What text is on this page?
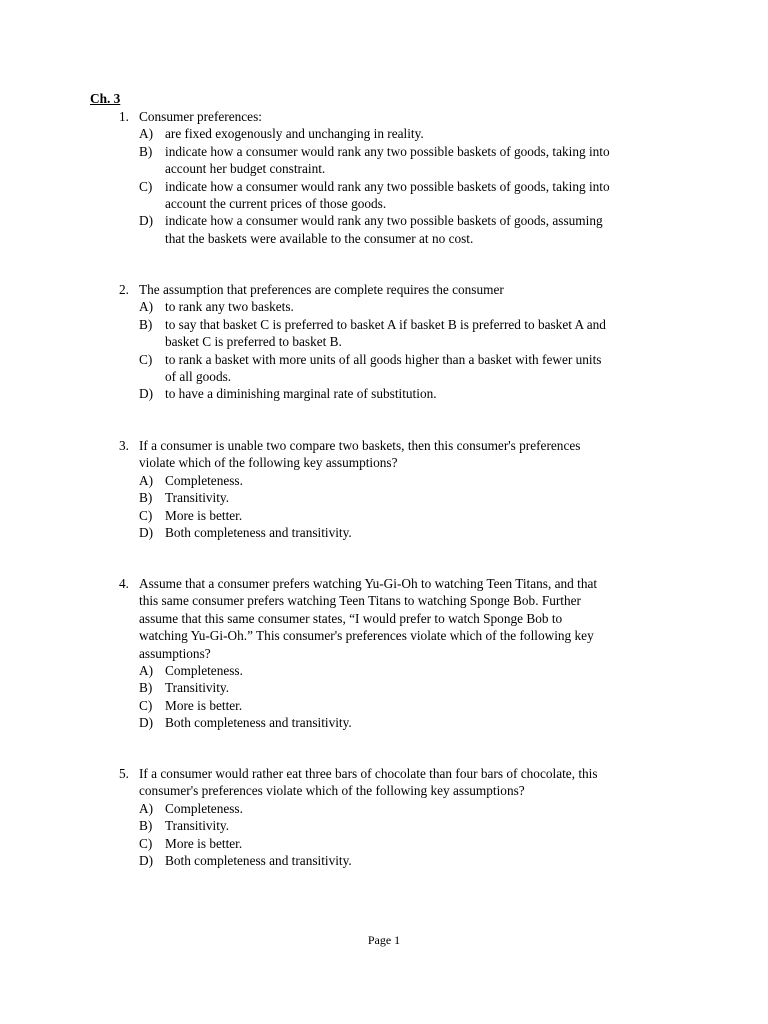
Ch. 3
1. Consumer preferences:
A) are fixed exogenously and unchanging in reality.
B) indicate how a consumer would rank any two possible baskets of goods, taking into
account her budget constraint.
C) indicate how a consumer would rank any two possible baskets of goods, taking into
account the current prices of those goods.
D) indicate how a consumer would rank any two possible baskets of goods, assuming
that the baskets were available to the consumer at no cost.
2. The assumption that preferences are complete requires the consumer
A) to rank any two baskets.
B) to say that basket C is preferred to basket A if basket B is preferred to basket A and
basket C is preferred to basket B.
C) to rank a basket with more units of all goods higher than a basket with fewer units
of all goods.
D) to have a diminishing marginal rate of substitution.
3. If a consumer is unable two compare two baskets, then this consumer's preferences
violate which of the following key assumptions?
A) Completeness.
B) Transitivity.
C) More is better.
D) Both completeness and transitivity.
4. Assume that a consumer prefers watching Yu-Gi-Oh to watching Teen Titans, and that
this same consumer prefers watching Teen Titans to watching Sponge Bob. Further
assume that this same consumer states, “I would prefer to watch Sponge Bob to
watching Yu-Gi-Oh.” This consumer's preferences violate which of the following key
assumptions?
A) Completeness.
B) Transitivity.
C) More is better.
D) Both completeness and transitivity.
5. If a consumer would rather eat three bars of chocolate than four bars of chocolate, this
consumer's preferences violate which of the following key assumptions?
A) Completeness.
B) Transitivity.
C) More is better.
D) Both completeness and transitivity.
Page 1
